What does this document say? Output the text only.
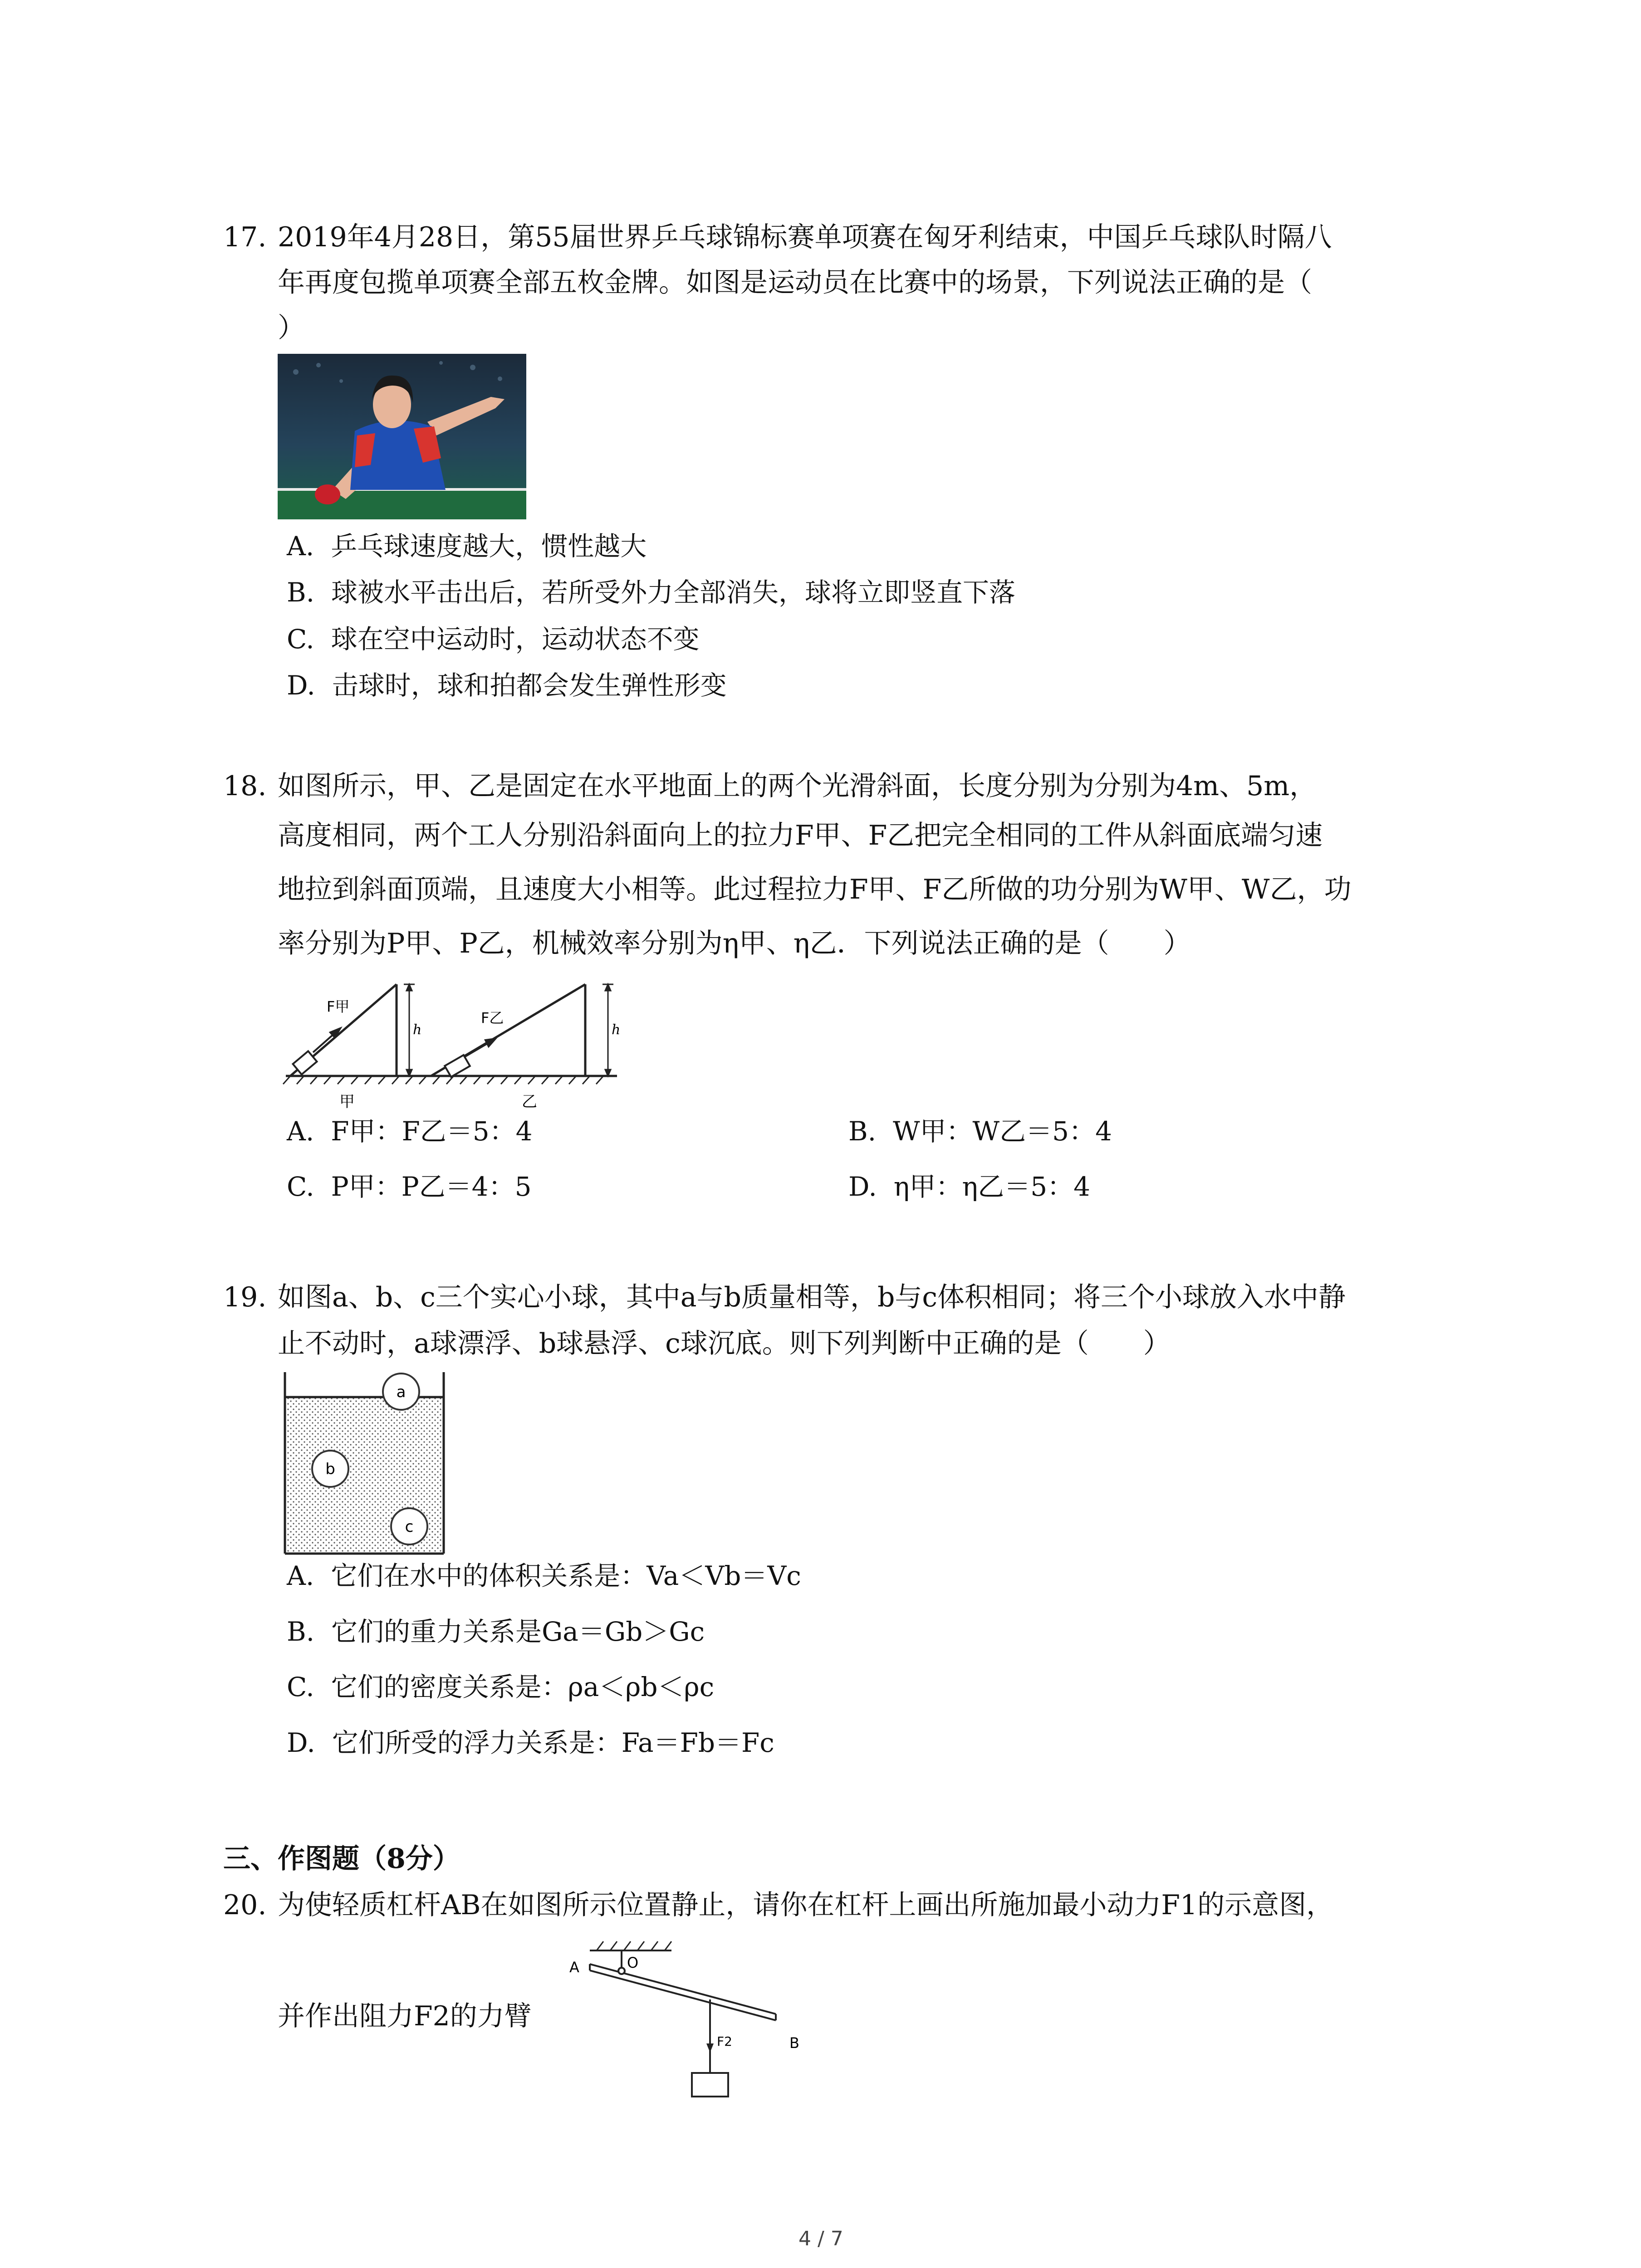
17. 2019年4月28日，第55届世界乒乓球锦标赛单项赛在匈牙利结束，中国乒乓球队时隔八
年再度包揽单项赛全部五枚金牌。如图是运动员在比赛中的场景，下列说法正确的是（
）
A. 乒乓球速度越大，惯性越大
B. 球被水平击出后，若所受外力全部消失，球将立即竖直下落
C. 球在空中运动时，运动状态不变
D. 击球时，球和拍都会发生弹性形变
18. 如图所示，甲、乙是固定在水平地面上的两个光滑斜面，长度分别为分别为4m、5m，
高度相同，两个工人分别沿斜面向上的拉力F甲、F乙把完全相同的工件从斜面底端匀速
地拉到斜面顶端，且速度大小相等。此过程拉力F甲、F乙所做的功分别为W甲、W乙，功
率分别为P甲、P乙，机械效率分别为η甲、η乙．下列说法正确的是（　　）
F甲
F乙
h	h
甲	乙
A. F甲：F乙＝5：4	B. W甲：W乙＝5：4
C. P甲：P乙＝4：5	D. η甲：η乙＝5：4
19. 如图a、b、c三个实心小球，其中a与b质量相等，b与c体积相同；将三个小球放入水中静
止不动时，a球漂浮、b球悬浮、c球沉底。则下列判断中正确的是（　　）
a
b
c
A. 它们在水中的体积关系是：Va＜Vb＝Vc
B. 它们的重力关系是Ga＝Gb＞Gc
C. 它们的密度关系是：ρa＜ρb＜ρc
D. 它们所受的浮力关系是：Fa＝Fb＝Fc
三、作图题（8分）
20. 为使轻质杠杆AB在如图所示位置静止，请你在杠杆上画出所施加最小动力F1的示意图，
并作出阻力F2的力臂
A	O
B
F2
4 / 7
